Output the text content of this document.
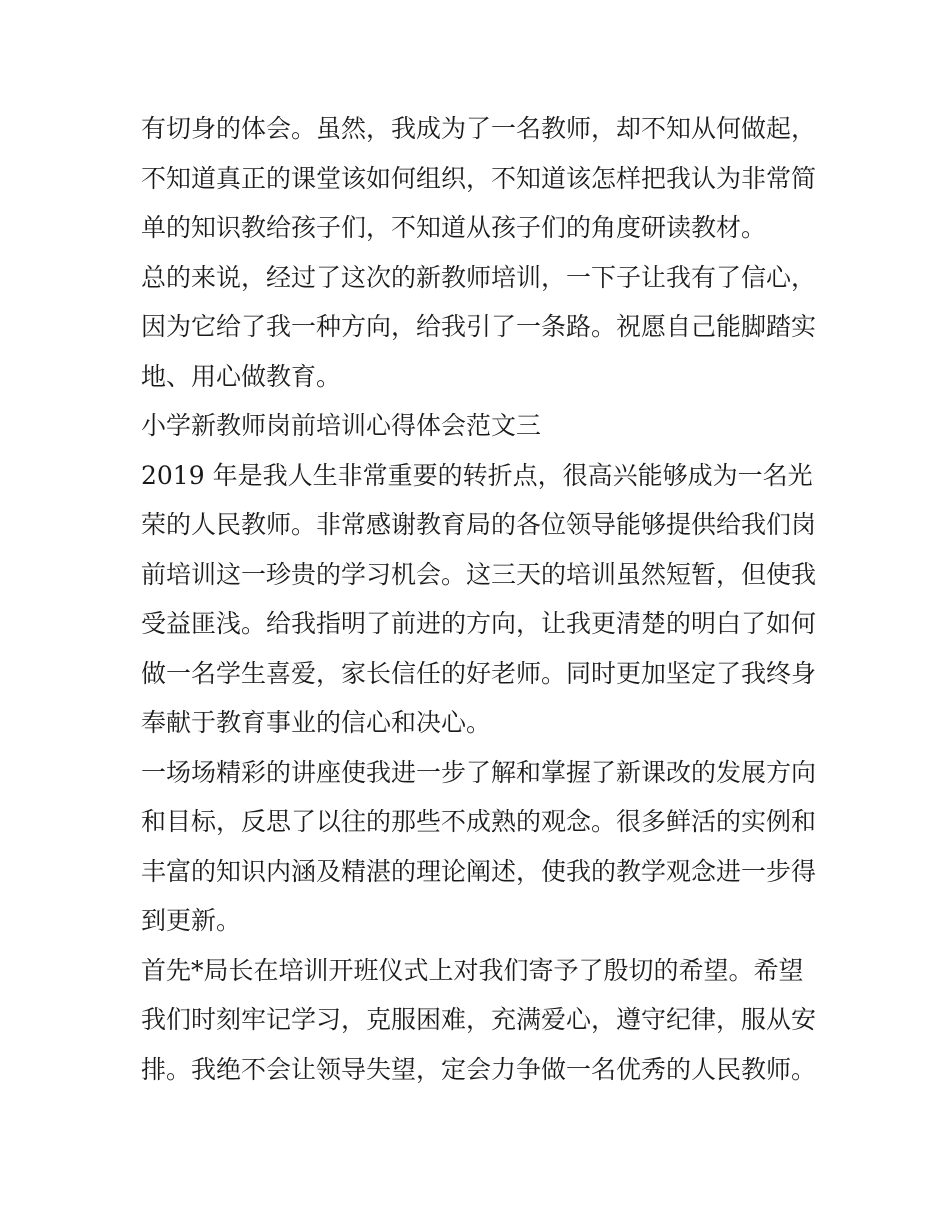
有切身的体会。虽然，我成为了一名教师，却不知从何做起，
不知道真正的课堂该如何组织，不知道该怎样把我认为非常简
单的知识教给孩子们，不知道从孩子们的角度研读教材。
总的来说，经过了这次的新教师培训，一下子让我有了信心，
因为它给了我一种方向，给我引了一条路。祝愿自己能脚踏实
地、用心做教育。
小学新教师岗前培训心得体会范文三
2019 年是我人生非常重要的转折点，很高兴能够成为一名光
荣的人民教师。非常感谢教育局的各位领导能够提供给我们岗
前培训这一珍贵的学习机会。这三天的培训虽然短暂，但使我
受益匪浅。给我指明了前进的方向，让我更清楚的明白了如何
做一名学生喜爱，家长信任的好老师。同时更加坚定了我终身
奉献于教育事业的信心和决心。
一场场精彩的讲座使我进一步了解和掌握了新课改的发展方向
和目标，反思了以往的那些不成熟的观念。很多鲜活的实例和
丰富的知识内涵及精湛的理论阐述，使我的教学观念进一步得
到更新。
首先*局长在培训开班仪式上对我们寄予了殷切的希望。希望
我们时刻牢记学习，克服困难，充满爱心，遵守纪律，服从安
排。我绝不会让领导失望，定会力争做一名优秀的人民教师。
